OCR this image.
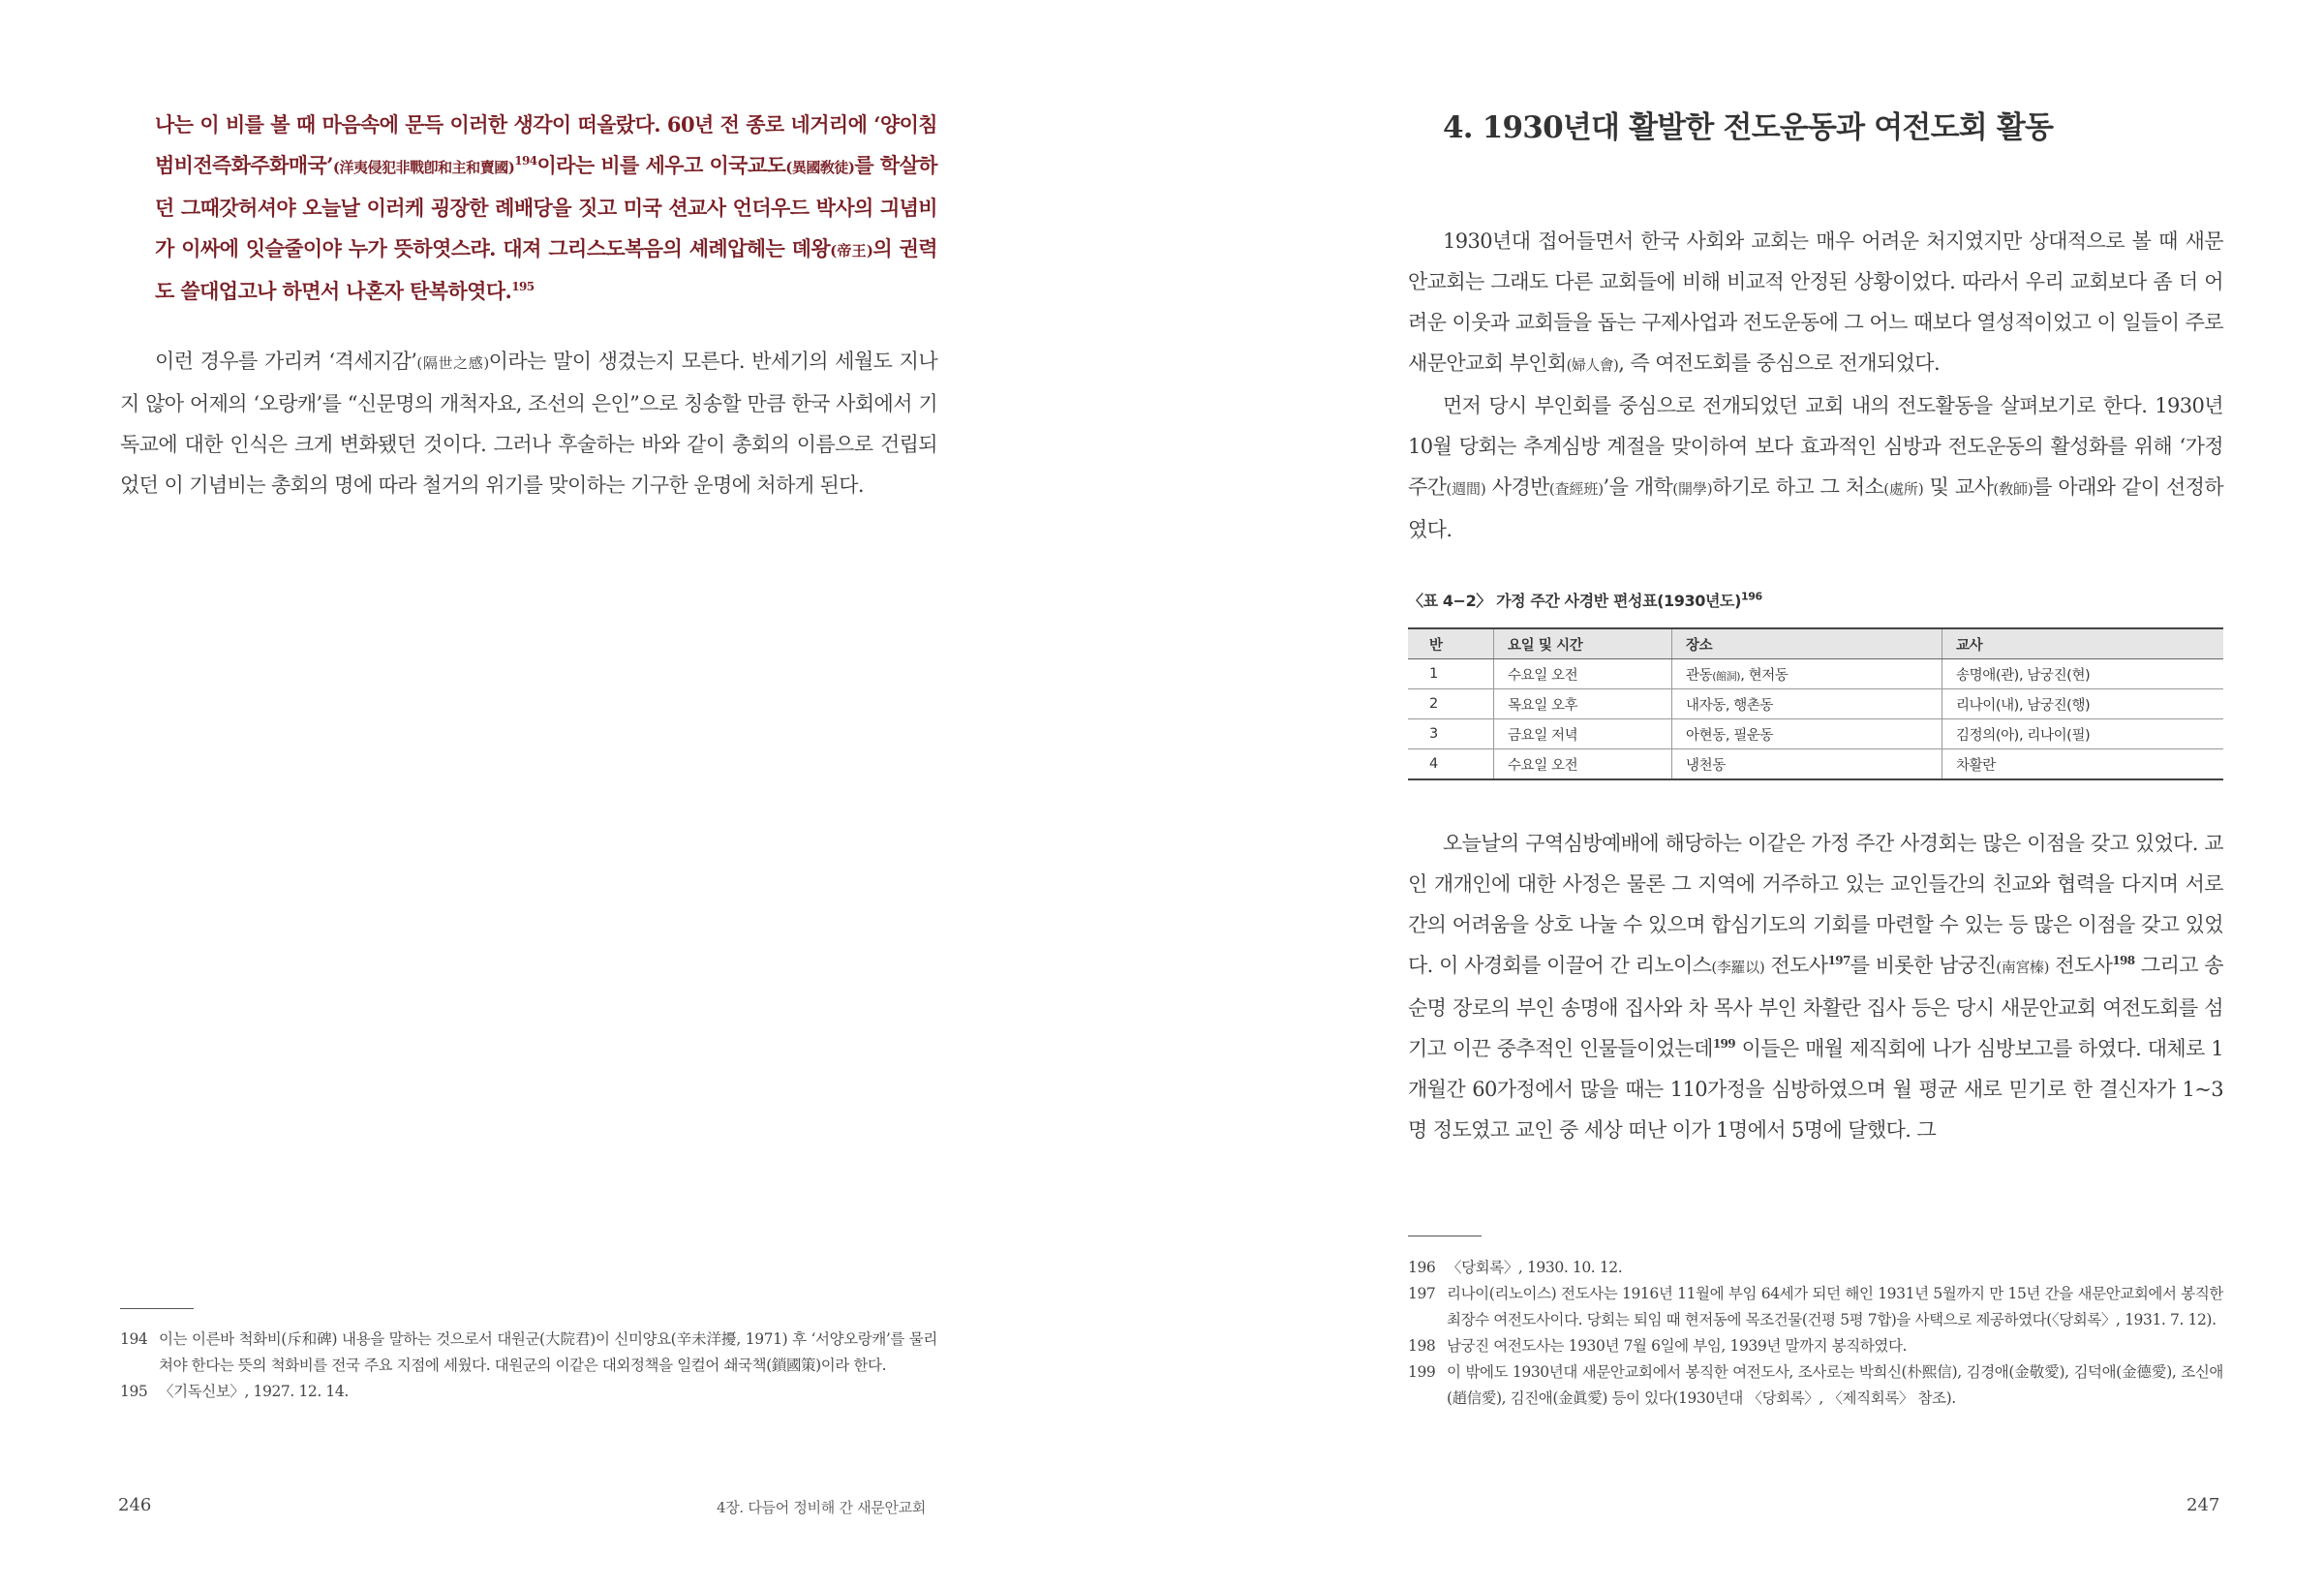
나는 이 비를 볼 때 마음속에 문득 이러한 생각이 떠올랐다. 60년 전 종로 네거리에 ‘양이침범비전즉화주화매국’(洋夷侵犯非戰卽和主和賣國)$^{194}$이라는 비를 세우고 이국교도(異國敎徒)를 학살하던 그때갓허셔야 오늘날 이러케 굉장한 례배당을 짓고 미국 션교사 언더우드 박사의 긔념비가 이싸에 잇슬줄이야 누가 뜻하엿스랴. 대져 그리스도복음의 셰례압헤는 뎨왕(帝王)의 권력도 쓸대업고나 하면서 나혼자 탄복하엿다.$^{195}$

이런 경우를 가리켜 ‘격세지감’(隔世之感)이라는 말이 생겼는지 모른다. 반세기의 세월도 지나지 않아 어제의 ‘오랑캐’를 “신문명의 개척자요, 조선의 은인”으로 칭송할 만큼 한국 사회에서 기독교에 대한 인식은 크게 변화됐던 것이다. 그러나 후술하는 바와 같이 총회의 이름으로 건립되었던 이 기념비는 총회의 명에 따라 철거의 위기를 맞이하는 기구한 운명에 처하게 된다.

194 이는 이른바 척화비(斥和碑) 내용을 말하는 것으로서 대원군(大院君)이 신미양요(辛未洋擾, 1971) 후 ‘서양오랑캐’를 물리쳐야 한다는 뜻의 척화비를 전국 주요 지점에 세웠다. 대원군의 이같은 대외정책을 일컬어 쇄국책(鎖國策)이라 한다.
195 〈기독신보〉, 1927. 12. 14.
246	4장. 다듬어 정비해 간 새문안교회
4. 1930년대 활발한 전도운동과 여전도회 활동

1930년대 접어들면서 한국 사회와 교회는 매우 어려운 처지였지만 상대적으로 볼 때 새문안교회는 그래도 다른 교회들에 비해 비교적 안정된 상황이었다. 따라서 우리 교회보다 좀 더 어려운 이웃과 교회들을 돕는 구제사업과 전도운동에 그 어느 때보다 열성적이었고 이 일들이 주로 새문안교회 부인회(婦人會), 즉 여전도회를 중심으로 전개되었다.

먼저 당시 부인회를 중심으로 전개되었던 교회 내의 전도활동을 살펴보기로 한다. 1930년 10월 당회는 추계심방 계절을 맞이하여 보다 효과적인 심방과 전도운동의 활성화를 위해 ‘가정 주간(週間) 사경반(査經班)’을 개학(開學)하기로 하고 그 처소(處所) 및 교사(敎師)를 아래와 같이 선정하였다.

〈표 4−2〉 가정 주간 사경반 편성표(1930년도)$^{196}$
반	요일 및 시간	장소	교사
1	수요일 오전	관동(館洞), 현저동	송명애(관), 남궁진(현)
2	목요일 오후	내자동, 행촌동	리나이(내), 남궁진(행)
3	금요일 저녁	아현동, 필운동	김정의(아), 리나이(필)
4	수요일 오전	냉천동	차활란

오늘날의 구역심방예배에 해당하는 이같은 가정 주간 사경회는 많은 이점을 갖고 있었다. 교인 개개인에 대한 사정은 물론 그 지역에 거주하고 있는 교인들간의 친교와 협력을 다지며 서로간의 어려움을 상호 나눌 수 있으며 합심기도의 기회를 마련할 수 있는 등 많은 이점을 갖고 있었다. 이 사경회를 이끌어 간 리노이스(李羅以) 전도사$^{197}$를 비롯한 남궁진(南宮榛) 전도사$^{198}$ 그리고 송순명 장로의 부인 송명애 집사와 차 목사 부인 차활란 집사 등은 당시 새문안교회 여전도회를 섬기고 이끈 중추적인 인물들이었는데$^{199}$ 이들은 매월 제직회에 나가 심방보고를 하였다. 대체로 1개월간 60가정에서 많을 때는 110가정을 심방하였으며 월 평균 새로 믿기로 한 결신자가 1~3명 정도였고 교인 중 세상 떠난 이가 1명에서 5명에 달했다. 그

196 〈당회록〉, 1930. 10. 12.
197 리나이(리노이스) 전도사는 1916년 11월에 부임 64세가 되던 해인 1931년 5월까지 만 15년 간을 새문안교회에서 봉직한 최장수 여전도사이다. 당회는 퇴임 때 현저동에 목조건물(건평 5평 7합)을 사택으로 제공하였다(〈당회록〉, 1931. 7. 12).
198 남궁진 여전도사는 1930년 7월 6일에 부임, 1939년 말까지 봉직하였다.
199 이 밖에도 1930년대 새문안교회에서 봉직한 여전도사, 조사로는 박희신(朴熙信), 김경애(金敬愛), 김덕애(金德愛), 조신애(趙信愛), 김진애(金眞愛) 등이 있다(1930년대 〈당회록〉, 〈제직회록〉 참조).
247
